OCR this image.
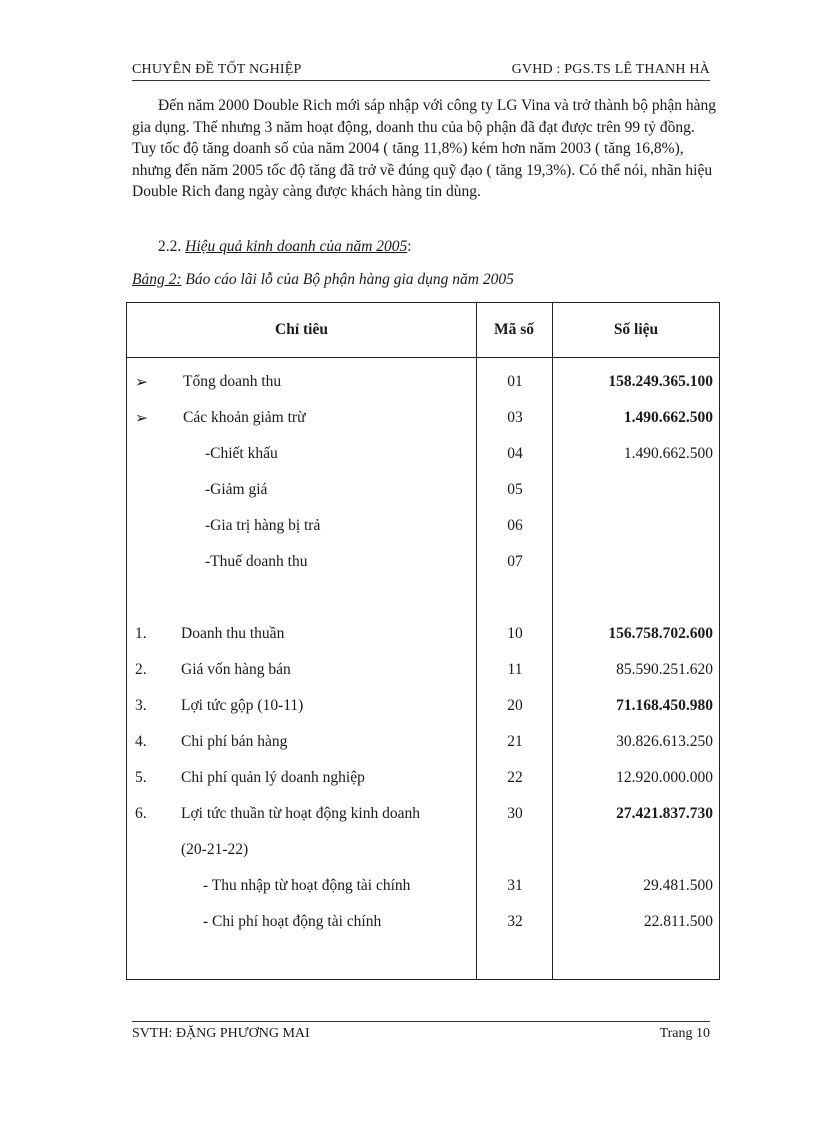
CHUYÊN ĐỀ TỐT NGHIỆP	GVHD : PGS.TS LÊ THANH HÀ

Đến năm 2000 Double Rich mới sáp nhập với công ty LG Vina và trở thành bộ phận hàng gia dụng. Thế nhưng 3 năm hoạt động, doanh thu của bộ phận đã đạt được trên 99 tỷ đồng. Tuy tốc độ tăng doanh số của năm 2004 ( tăng 11,8%) kém hơn năm 2003 ( tăng 16,8%), nhưng đến năm 2005 tốc độ tăng đã trở về đúng quỹ đạo ( tăng 19,3%). Có thể nói, nhãn hiệu Double Rich đang ngày càng được khách hàng tin dùng.

2.2. Hiệu quả kinh doanh của năm 2005:
Bảng 2: Báo cáo lãi lỗ của Bộ phận hàng gia dụng năm 2005
Chỉ tiêu	Mã số	Số liệu
➢ Tổng doanh thu	01	158.249.365.100
➢ Các khoản giảm trừ	03	1.490.662.500
-Chiết khấu	04	1.490.662.500
-Giảm giá	05
-Gia trị hàng bị trả	06
-Thuế doanh thu	07
1. Doanh thu thuần	10	156.758.702.600
2. Giá vốn hàng bán	11	85.590.251.620
3. Lợi tức gộp (10-11)	20	71.168.450.980
4. Chi phí bán hàng	21	30.826.613.250
5. Chi phí quản lý doanh nghiệp	22	12.920.000.000
6. Lợi tức thuần từ hoạt động kinh doanh	30	27.421.837.730
(20-21-22)
- Thu nhập từ hoạt động tài chính	31	29.481.500
- Chi phí hoạt động tài chính	32	22.811.500
SVTH: ĐẶNG PHƯƠNG MAI	Trang 10
